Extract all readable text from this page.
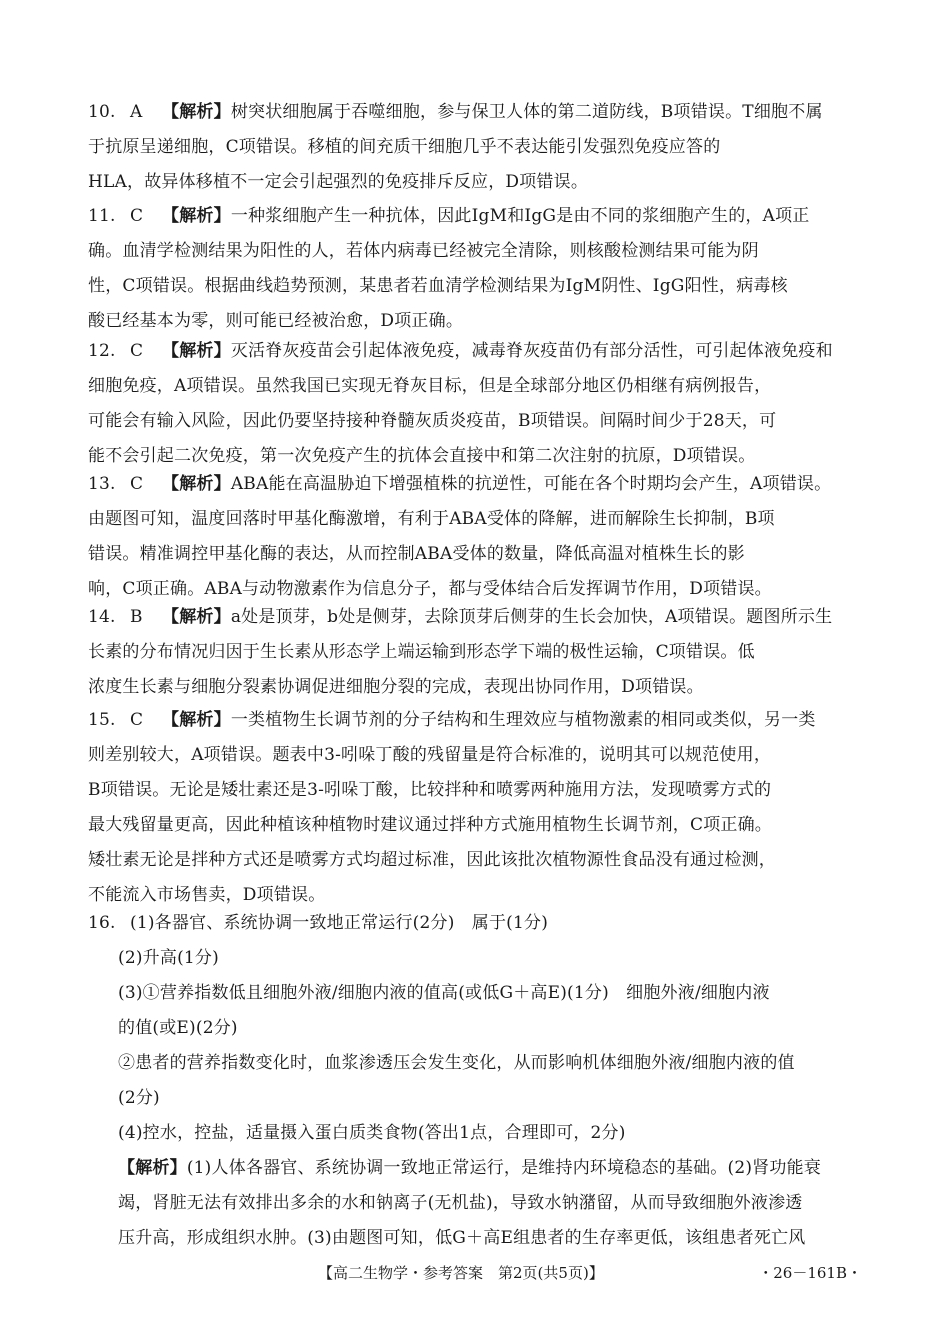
10. A 【解析】树突状细胞属于吞噬细胞，参与保卫人体的第二道防线，B项错误。T细胞不属
于抗原呈递细胞，C项错误。移植的间充质干细胞几乎不表达能引发强烈免疫应答的
HLA，故异体移植不一定会引起强烈的免疫排斥反应，D项错误。
11. C 【解析】一种浆细胞产生一种抗体，因此IgM和IgG是由不同的浆细胞产生的，A项正
确。血清学检测结果为阳性的人，若体内病毒已经被完全清除，则核酸检测结果可能为阴
性，C项错误。根据曲线趋势预测，某患者若血清学检测结果为IgM阴性、IgG阳性，病毒核
酸已经基本为零，则可能已经被治愈，D项正确。
12. C 【解析】灭活脊灰疫苗会引起体液免疫，减毒脊灰疫苗仍有部分活性，可引起体液免疫和
细胞免疫，A项错误。虽然我国已实现无脊灰目标，但是全球部分地区仍相继有病例报告，
可能会有输入风险，因此仍要坚持接种脊髓灰质炎疫苗，B项错误。间隔时间少于28天，可
能不会引起二次免疫，第一次免疫产生的抗体会直接中和第二次注射的抗原，D项错误。
13. C 【解析】ABA能在高温胁迫下增强植株的抗逆性，可能在各个时期均会产生，A项错误。
由题图可知，温度回落时甲基化酶激增，有利于ABA受体的降解，进而解除生长抑制，B项
错误。精准调控甲基化酶的表达，从而控制ABA受体的数量，降低高温对植株生长的影
响，C项正确。ABA与动物激素作为信息分子，都与受体结合后发挥调节作用，D项错误。
14. B 【解析】a处是顶芽，b处是侧芽，去除顶芽后侧芽的生长会加快，A项错误。题图所示生
长素的分布情况归因于生长素从形态学上端运输到形态学下端的极性运输，C项错误。低
浓度生长素与细胞分裂素协调促进细胞分裂的完成，表现出协同作用，D项错误。
15. C 【解析】一类植物生长调节剂的分子结构和生理效应与植物激素的相同或类似，另一类
则差别较大，A项错误。题表中3-吲哚丁酸的残留量是符合标准的，说明其可以规范使用，
B项错误。无论是矮壮素还是3-吲哚丁酸，比较拌种和喷雾两种施用方法，发现喷雾方式的
最大残留量更高，因此种植该种植物时建议通过拌种方式施用植物生长调节剂，C项正确。
矮壮素无论是拌种方式还是喷雾方式均超过标准，因此该批次植物源性食品没有通过检测，
不能流入市场售卖，D项错误。
16. (1)各器官、系统协调一致地正常运行(2分)　属于(1分)
(2)升高(1分)
(3)①营养指数低且细胞外液/细胞内液的值高(或低G＋高E)(1分)　细胞外液/细胞内液
的值(或E)(2分)
②患者的营养指数变化时，血浆渗透压会发生变化，从而影响机体细胞外液/细胞内液的值
(2分)
(4)控水，控盐，适量摄入蛋白质类食物(答出1点，合理即可，2分)
【解析】(1)人体各器官、系统协调一致地正常运行，是维持内环境稳态的基础。(2)肾功能衰
竭，肾脏无法有效排出多余的水和钠离子(无机盐)，导致水钠潴留，从而导致细胞外液渗透
压升高，形成组织水肿。(3)由题图可知，低G＋高E组患者的生存率更低，该组患者死亡风
【高二生物学・参考答案　第2页(共5页)】	・26－161B・
